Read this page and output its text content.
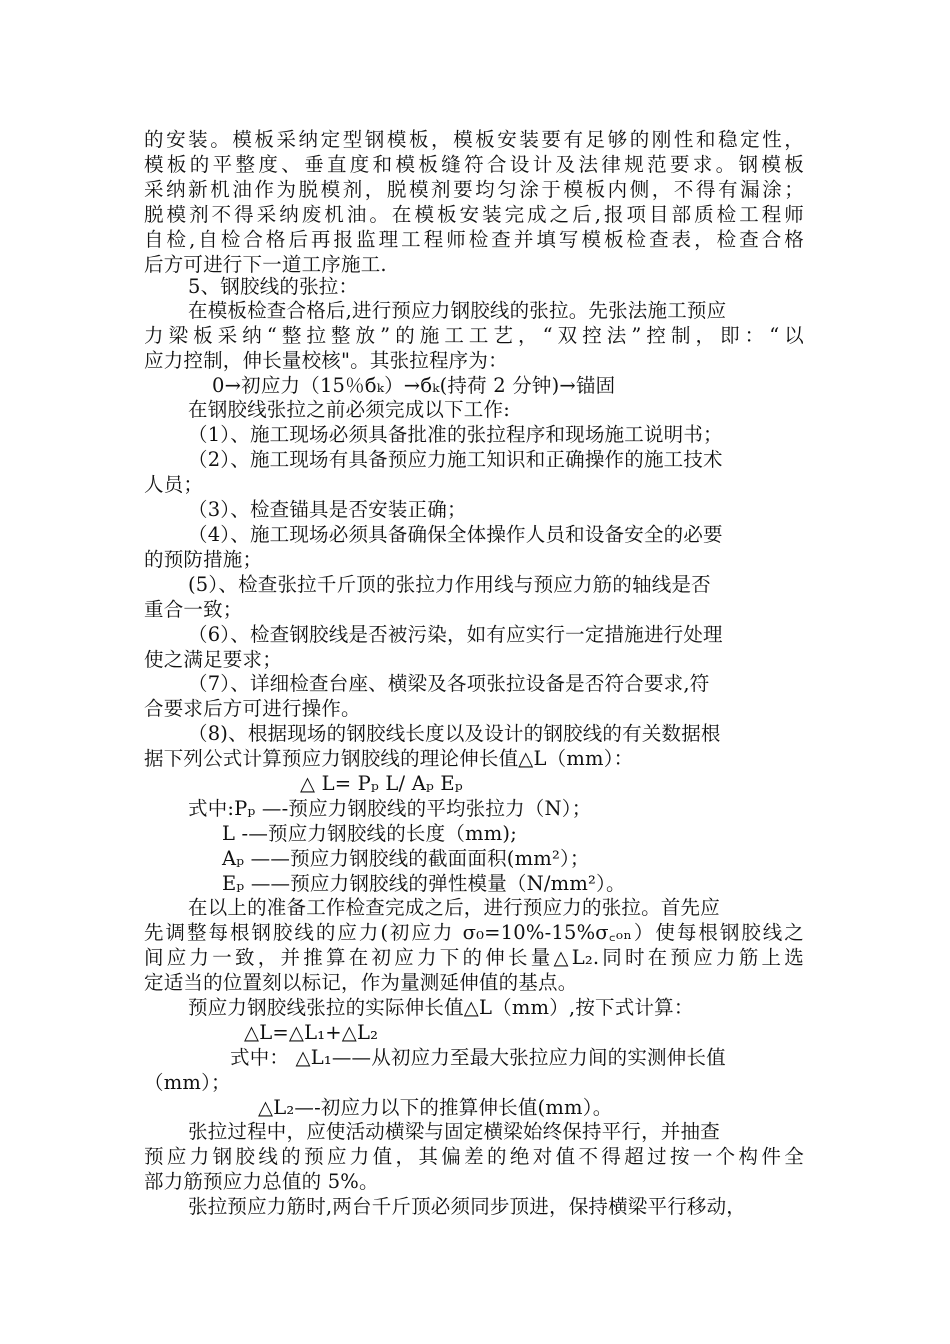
的安装。模板采纳定型钢模板，模板安装要有足够的刚性和稳定性，
模板的平整度、垂直度和模板缝符合设计及法律规范要求。钢模板
采纳新机油作为脱模剂，脱模剂要均匀涂于模板内侧，不得有漏涂；
脱模剂不得采纳废机油。在模板安装完成之后,报项目部质检工程师
自检,自检合格后再报监理工程师检查并填写模板检查表，检查合格
后方可进行下一道工序施工.
5、钢胶线的张拉：
在模板检查合格后,进行预应力钢胶线的张拉。先张法施工预应
力梁板采纳“整拉整放”的施工工艺，“双控法”控制，即：“以
应力控制，伸长量校核"。其张拉程序为：
0→初应力（15％бₖ）→бₖ(持荷 2 分钟)→锚固
在钢胶线张拉之前必须完成以下工作:
（1）、施工现场必须具备批准的张拉程序和现场施工说明书；
（2）、施工现场有具备预应力施工知识和正确操作的施工技术
人员；
（3）、检查锚具是否安装正确；
（4）、施工现场必须具备确保全体操作人员和设备安全的必要
的预防措施；
(5）、检查张拉千斤顶的张拉力作用线与预应力筋的轴线是否
重合一致；
（6）、检查钢胶线是否被污染，如有应实行一定措施进行处理
使之满足要求；
（7）、详细检查台座、横梁及各项张拉设备是否符合要求,符
合要求后方可进行操作。
（8)、根据现场的钢胶线长度以及设计的钢胶线的有关数据根
据下列公式计算预应力钢胶线的理论伸长值△L（mm）：
△ L= Pₚ L/ Aₚ Eₚ
式中:Pₚ —-预应力钢胶线的平均张拉力（N）；
L -—预应力钢胶线的长度（mm);
Aₚ ——预应力钢胶线的截面面积(mm²）；
Eₚ ——预应力钢胶线的弹性模量（N/mm²）。
在以上的准备工作检查完成之后，进行预应力的张拉。首先应
先调整每根钢胶线的应力(初应力 σ₀=10%-15%σ꜀ₒₙ）使每根钢胶线之
间应力一致，并推算在初应力下的伸长量△L₂.同时在预应力筋上选
定适当的位置刻以标记，作为量测延伸值的基点。
预应力钢胶线张拉的实际伸长值△L（mm）,按下式计算：
△L=△L₁+△L₂
式中： △L₁——从初应力至最大张拉应力间的实测伸长值
（mm）；
△L₂—-初应力以下的推算伸长值(mm）。
张拉过程中，应使活动横梁与固定横梁始终保持平行，并抽查
预应力钢胶线的预应力值，其偏差的绝对值不得超过按一个构件全
部力筋预应力总值的 5%。
张拉预应力筋时,两台千斤顶必须同步顶进，保持横梁平行移动，
